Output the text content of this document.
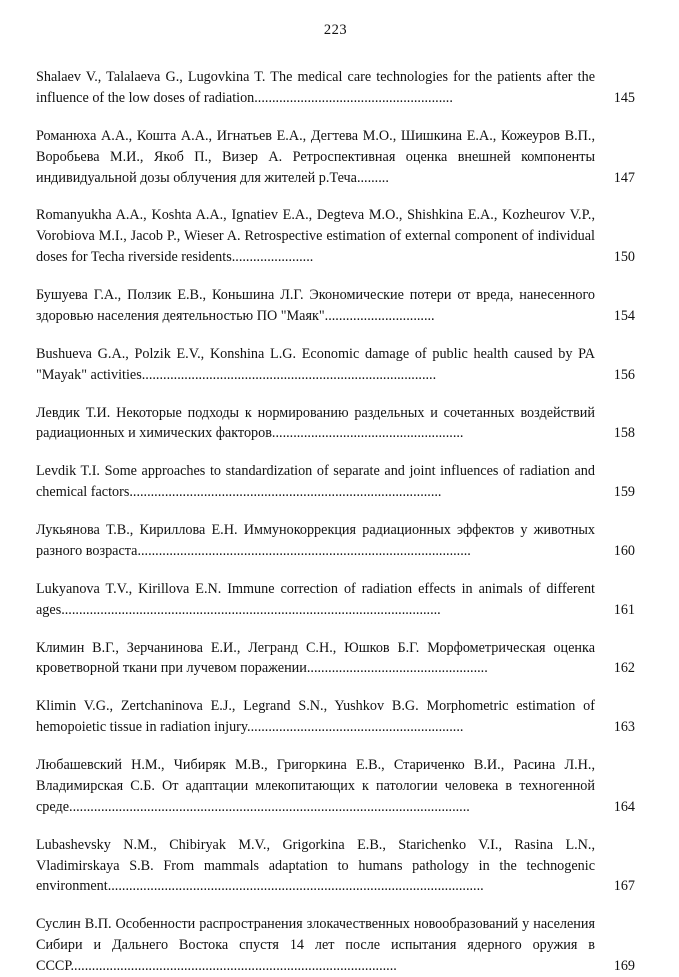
223
Shalaev V., Talalaeva G., Lugovkina T. The medical care technologies for the patients after the influence of the low doses of radiation........................................................	145
Романюха А.А., Кошта А.А., Игнатьев Е.А., Дегтева М.О., Шишкина Е.А., Кожеуров В.П., Воробьева М.И., Якоб П., Визер А. Ретроспективная оценка внешней компоненты индивидуальной дозы облучения для жителей р.Теча.........	147
Romanyukha A.A., Koshta A.A., Ignatiev E.A., Degteva M.O., Shishkina E.A., Kozheurov V.P., Vorobiova M.I., Jacob P., Wieser A. Retrospective estimation of external component of individual doses for Techa riverside residents.......................	150
Бушуева Г.А., Ползик Е.В., Коньшина Л.Г. Экономические потери от вреда, нанесенного здоровью населения деятельностью ПО "Маяк"...............................	154
Bushueva G.A., Polzik E.V., Konshina L.G. Economic damage of public health caused by PA "Mayak" activities...................................................................................	156
Левдик Т.И. Некоторые подходы к нормированию раздельных и сочетанных воздействий радиационных и химических факторов......................................................	158
Levdik T.I. Some approaches to standardization of separate and joint influences of radiation and chemical factors........................................................................................	159
Лукьянова Т.В., Кириллова Е.Н. Иммунокоррекция радиационных эффектов у животных разного возраста..............................................................................................	160
Lukyanova T.V., Kirillova E.N. Immune correction of radiation effects in animals of different ages...........................................................................................................	161
Климин В.Г., Зерчанинова Е.И., Легранд С.Н., Юшков Б.Г. Морфометрическая оценка кроветворной ткани при лучевом поражении...................................................	162
Klimin V.G., Zertchaninova E.J., Legrand S.N., Yushkov B.G. Morphometric estimation of hemopoietic tissue in radiation injury.............................................................	163
Любашевский Н.М., Чибиряк М.В., Григоркина Е.В., Стариченко В.И., Расина Л.Н., Владимирская С.Б. От адаптации млекопитающих к патологии человека в техногенной среде.................................................................................................................	164
Lubashevsky N.M., Chibiryak M.V., Grigorkina E.B., Starichenko V.I., Rasina L.N., Vladimirskaya S.B. From mammals adaptation to humans pathology in the technogenic environment..........................................................................................................	167
Суслин В.П. Особенности распространения злокачественных новообразований у населения Сибири и Дальнего Востока спустя 14 лет после испытания ядерного оружия в СССР............................................................................................	169
